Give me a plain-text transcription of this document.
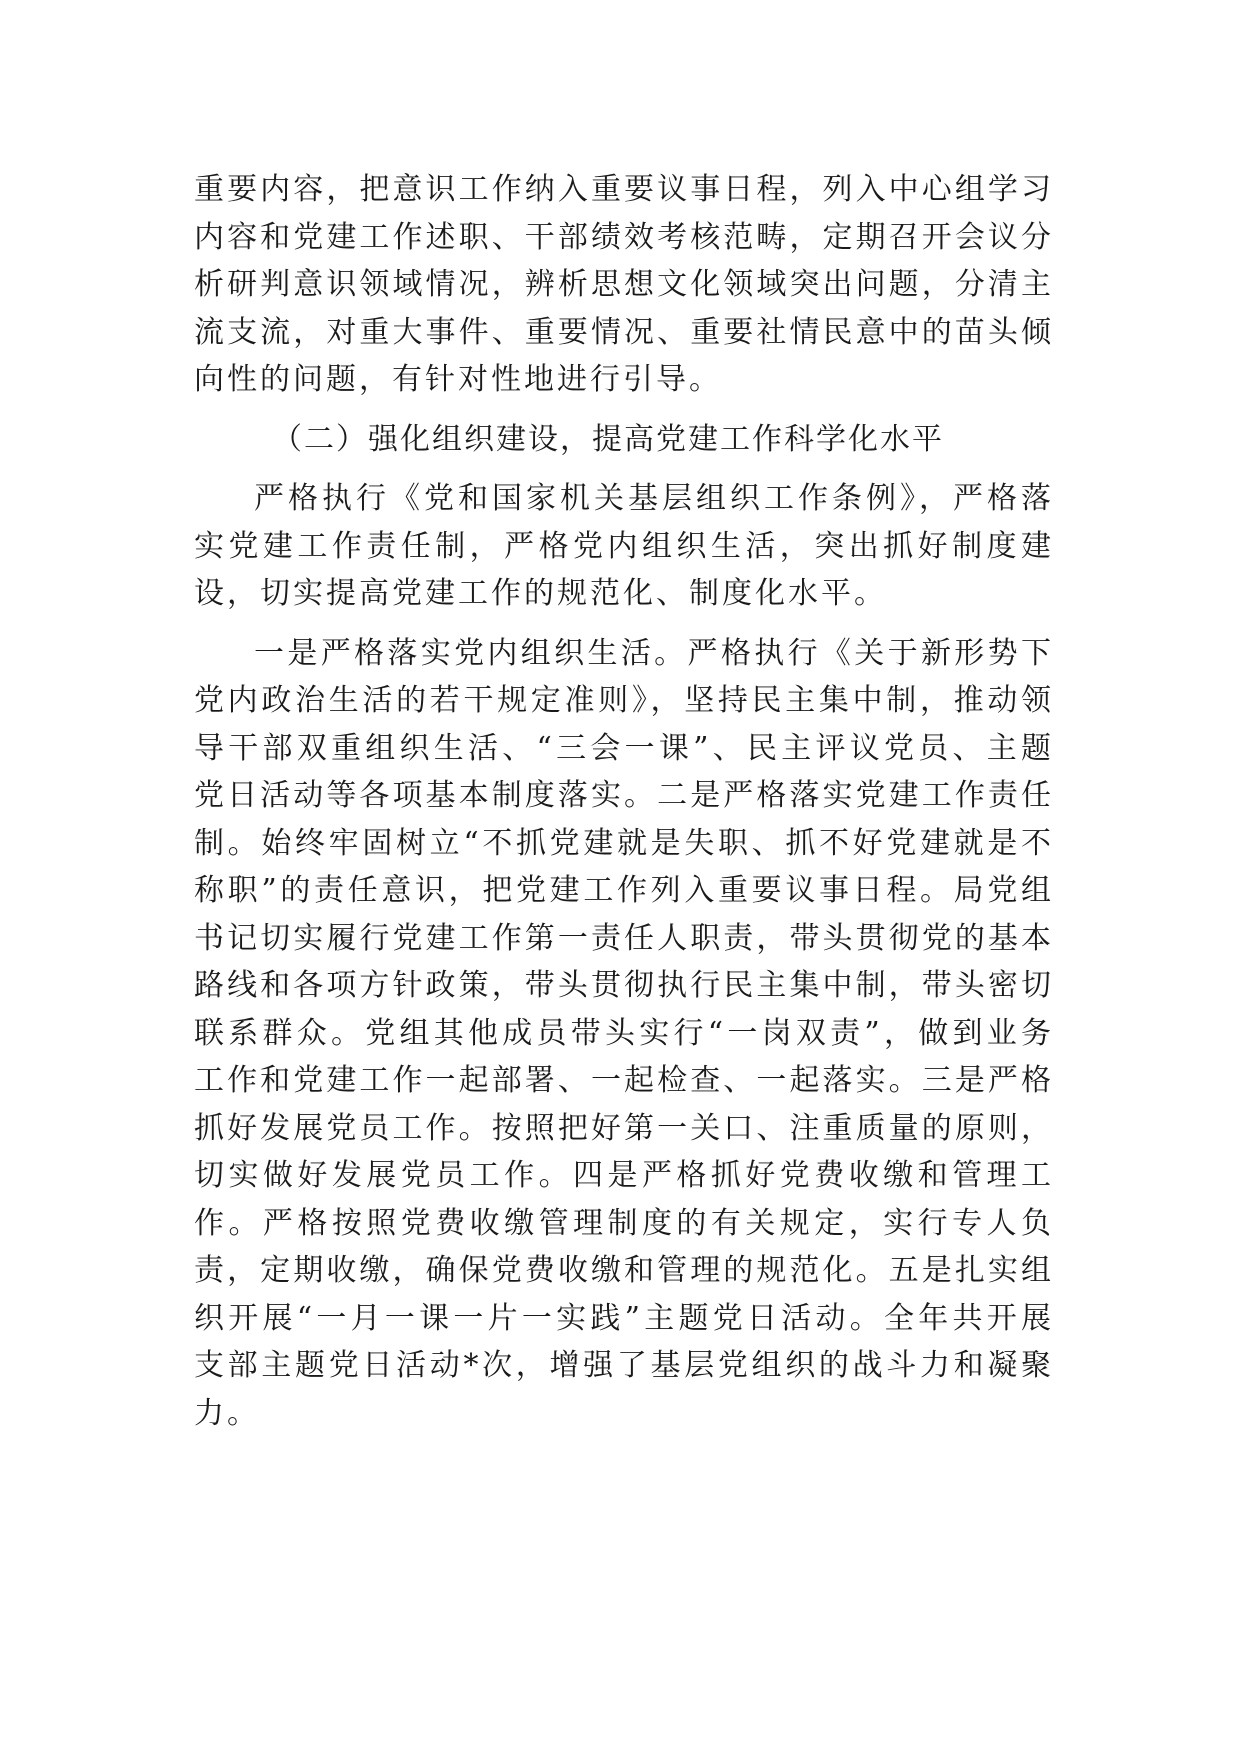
重要内容，把意识工作纳入重要议事日程，列入中心组学习内容和党建工作述职、干部绩效考核范畴，定期召开会议分析研判意识领域情况，辨析思想文化领域突出问题，分清主流支流，对重大事件、重要情况、重要社情民意中的苗头倾向性的问题，有针对性地进行引导。

（二）强化组织建设，提高党建工作科学化水平

严格执行《党和国家机关基层组织工作条例》，严格落实党建工作责任制，严格党内组织生活，突出抓好制度建设，切实提高党建工作的规范化、制度化水平。

一是严格落实党内组织生活。严格执行《关于新形势下党内政治生活的若干规定准则》，坚持民主集中制，推动领导干部双重组织生活、“三会一课”、民主评议党员、主题党日活动等各项基本制度落实。二是严格落实党建工作责任制。始终牢固树立“不抓党建就是失职、抓不好党建就是不称职”的责任意识，把党建工作列入重要议事日程。局党组书记切实履行党建工作第一责任人职责，带头贯彻党的基本路线和各项方针政策，带头贯彻执行民主集中制，带头密切联系群众。党组其他成员带头实行“一岗双责”，做到业务工作和党建工作一起部署、一起检查、一起落实。三是严格抓好发展党员工作。按照把好第一关口、注重质量的原则，切实做好发展党员工作。四是严格抓好党费收缴和管理工作。严格按照党费收缴管理制度的有关规定，实行专人负责，定期收缴，确保党费收缴和管理的规范化。五是扎实组织开展“一月一课一片一实践”主题党日活动。全年共开展支部主题党日活动*次，增强了基层党组织的战斗力和凝聚力。
